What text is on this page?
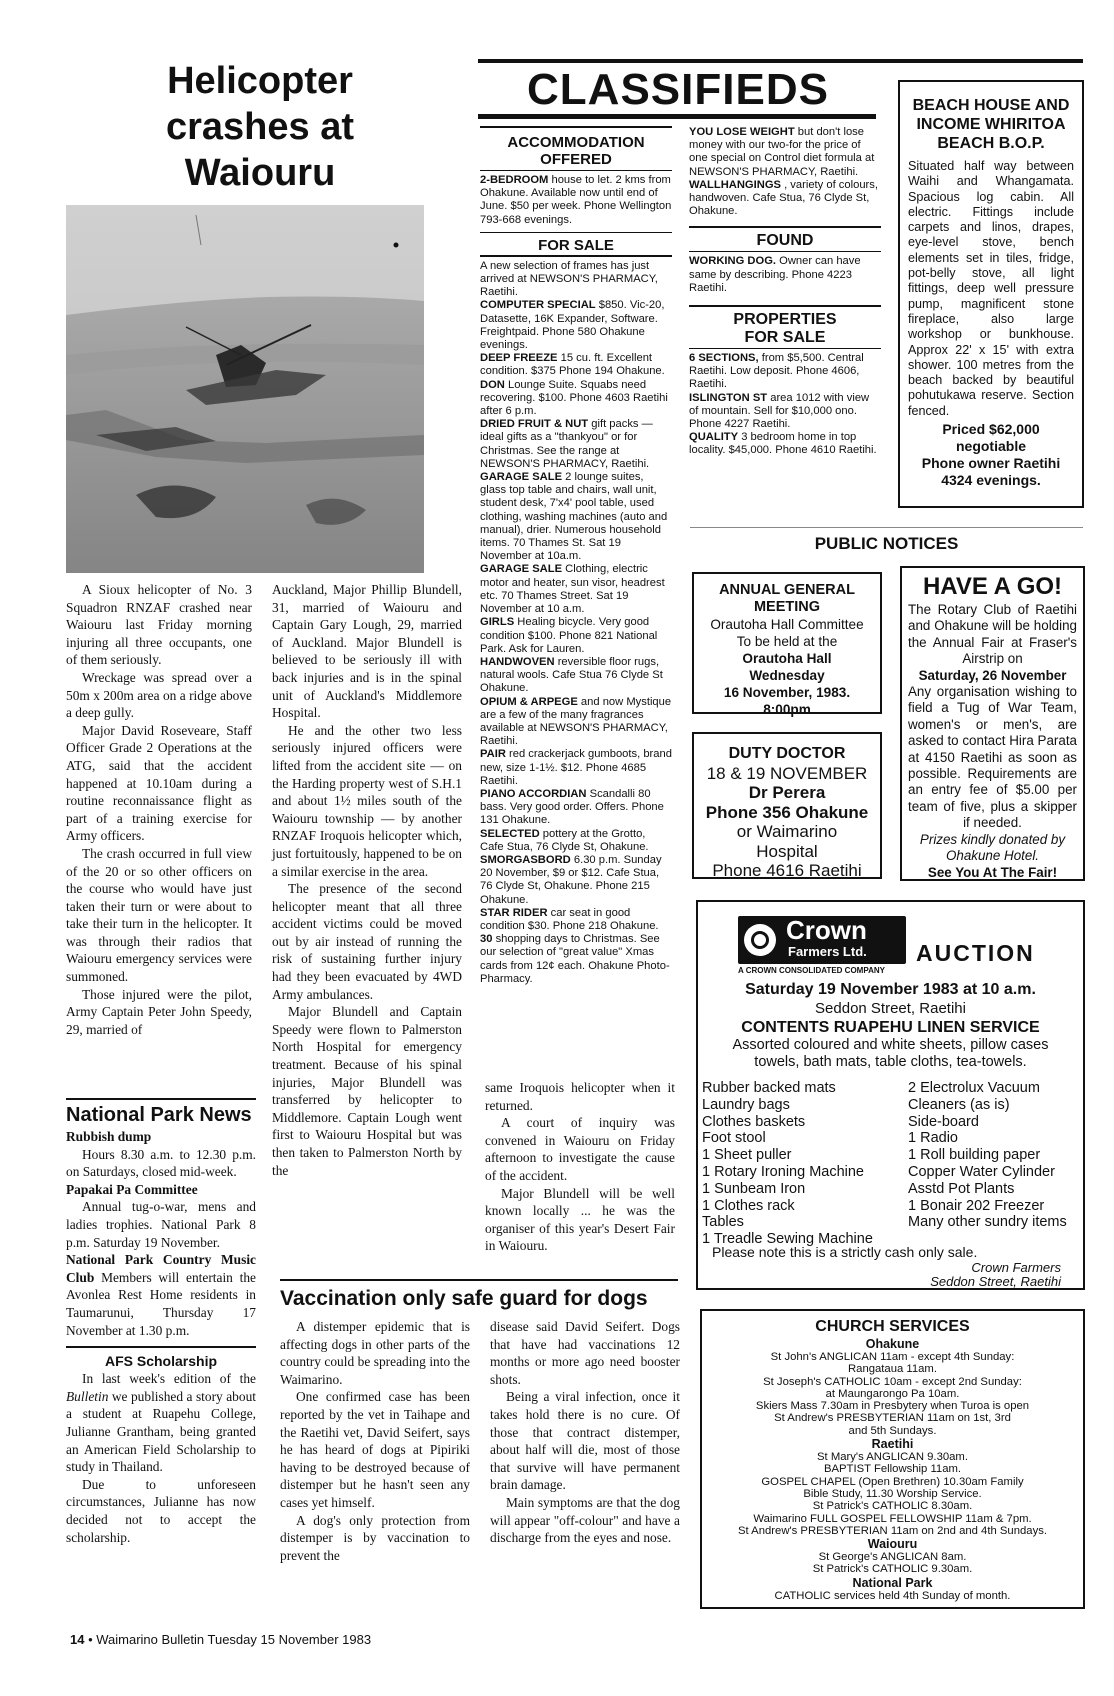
Helicopter crashes at Waiouru

A Sioux helicopter of No. 3 Squadron RNZAF crashed near Waiouru last Friday morning injuring all three occupants, one of them seriously.

Wreckage was spread over a 50m x 200m area on a ridge above a deep gully.

Major David Roseveare, Staff Officer Grade 2 Operations at the ATG, said that the accident happened at 10.10am during a routine reconnaissance flight as part of a training exercise for Army officers.

The crash occurred in full view of the 20 or so other officers on the course who would have just taken their turn or were about to take their turn in the helicopter. It was through their radios that Waiouru emergency services were summoned.

Those injured were the pilot, Army Captain Peter John Speedy, 29, married of

Auckland, Major Phillip Blundell, 31, married of Waiouru and Captain Gary Lough, 29, married of Auckland. Major Blundell is believed to be seriously ill with back injuries and is in the spinal unit of Auckland's Middlemore Hospital.

He and the other two less seriously injured officers were lifted from the accident site — on the Harding property west of S.H.1 and about 1½ miles south of the Waiouru township — by another RNZAF Iroquois helicopter which, just fortuitously, happened to be on a similar exercise in the area.

The presence of the second helicopter meant that all three accident victims could be moved out by air instead of running the risk of sustaining further injury had they been evacuated by 4WD Army ambulances.

Major Blundell and Captain Speedy were flown to Palmerston North Hospital for emergency treatment. Because of his spinal injuries, Major Blundell was transferred by helicopter to Middlemore. Captain Lough went first to Waiouru Hospital but was then taken to Palmerston North by the

same Iroquois helicopter when it returned.

A court of inquiry was convened in Waiouru on Friday afternoon to investigate the cause of the accident.

Major Blundell will be well known locally ... he was the organiser of this year's Desert Fair in Waiouru.

National Park News
Rubbish dump

Hours 8.30 a.m. to 12.30 p.m. on Saturdays, closed mid-week.

Papakai Pa Committee

Annual tug-o-war, mens and ladies trophies. National Park 8 p.m. Saturday 19 November.

National Park Country Music Club Members will entertain the Avonlea Rest Home residents in Taumarunui, Thursday 17 November at 1.30 p.m.

AFS Scholarship

In last week's edition of the Bulletin we published a story about a student at Ruapehu College, Julianne Grantham, being granted an American Field Scholarship to study in Thailand.

Due to unforeseen circumstances, Julianne has now decided not to accept the scholarship.

Vaccination only safe guard for dogs

A distemper epidemic that is affecting dogs in other parts of the country could be spreading into the Waimarino.

One confirmed case has been reported by the vet in Taihape and the Raetihi vet, David Seifert, says he has heard of dogs at Pipiriki having to be destroyed because of distemper but he hasn't seen any cases yet himself.

A dog's only protection from distemper is by vaccination to prevent the

disease said David Seifert. Dogs that have had vaccinations 12 months or more ago need booster shots.

Being a viral infection, once it takes hold there is no cure. Of those that contract distemper, about half will die, most of those that survive will have permanent brain damage.

Main symptoms are that the dog will appear "off-colour" and have a discharge from the eyes and nose.

CLASSIFIEDS
ACCOMMODATION OFFERED

2-BEDROOM house to let. 2 kms from Ohakune. Available now until end of June. $50 per week. Phone Wellington 793-668 evenings.

FOR SALE

A new selection of frames has just arrived at NEWSON'S PHARMACY, Raetihi.

COMPUTER SPECIAL $850. Vic-20, Datasette, 16K Expander, Software. Freightpaid. Phone 580 Ohakune evenings.

DEEP FREEZE 15 cu. ft. Excellent condition. $375 Phone 194 Ohakune.

DON Lounge Suite. Squabs need recovering. $100. Phone 4603 Raetihi after 6 p.m.

DRIED FRUIT & NUT gift packs —ideal gifts as a "thankyou" or for Christmas. See the range at NEWSON'S PHARMACY, Raetihi.

GARAGE SALE 2 lounge suites, glass top table and chairs, wall unit, student desk, 7'x4' pool table, used clothing, washing machines (auto and manual), drier. Numerous household items. 70 Thames St. Sat 19 November at 10a.m.

GARAGE SALE Clothing, electric motor and heater, sun visor, headrest etc. 70 Thames Street. Sat 19 November at 10 a.m.

GIRLS Healing bicycle. Very good condition $100. Phone 821 National Park. Ask for Lauren.

HANDWOVEN reversible floor rugs, natural wools. Cafe Stua 76 Clyde St Ohakune.

OPIUM & ARPEGE and now Mystique are a few of the many fragrances available at NEWSON'S PHARMACY, Raetihi.

PAIR red crackerjack gumboots, brand new, size 1-1½. $12. Phone 4685 Raetihi.

PIANO ACCORDIAN Scandalli 80 bass. Very good order. Offers. Phone 131 Ohakune.

SELECTED pottery at the Grotto, Cafe Stua, 76 Clyde St, Ohakune.

SMORGASBORD 6.30 p.m. Sunday 20 November, $9 or $12. Cafe Stua, 76 Clyde St, Ohakune. Phone 215 Ohakune.

STAR RIDER car seat in good condition $30. Phone 218 Ohakune.

30 shopping days to Christmas. See our selection of "great value" Xmas cards from 12¢ each. Ohakune Photo-Pharmacy.

YOU LOSE WEIGHT but don't lose money with our two-for the price of one special on Control diet formula at NEWSON'S PHARMACY, Raetihi.

WALLHANGINGS , variety of colours, handwoven. Cafe Stua, 76 Clyde St, Ohakune.

FOUND

WORKING DOG. Owner can have same by describing. Phone 4223 Raetihi.

PROPERTIES FOR SALE

6 SECTIONS, from $5,500. Central Raetihi. Low deposit. Phone 4606, Raetihi.

ISLINGTON ST area 1012 with view of mountain. Sell for $10,000 ono. Phone 4227 Raetihi.

QUALITY 3 bedroom home in top locality. $45,000. Phone 4610 Raetihi.

BEACH HOUSE AND INCOME WHIRITOA BEACH B.O.P.
Situated half way between Waihi and Whangamata. Spacious log cabin. All electric. Fittings include carpets and linos, drapes, eye-level stove, bench elements set in tiles, fridge, pot-belly stove, all light fittings, deep well pressure pump, magnificent stone fireplace, also large workshop or bunkhouse. Approx 22' x 15' with extra shower. 100 metres from the beach backed by beautiful pohutukawa reserve. Section fenced.
Priced $62,000 negotiable
Phone owner Raetihi 4324 evenings.
PUBLIC NOTICES
ANNUAL GENERAL MEETING
Orautoha Hall Committee
To be held at the
Orautoha Hall
Wednesday
16 November, 1983.
8:00pm
DUTY DOCTOR
18 & 19 NOVEMBER
Dr Perera
Phone 356 Ohakune
or Waimarino
Hospital
Phone 4616 Raetihi
HAVE A GO!
The Rotary Club of Raetihi and Ohakune will be holding the Annual Fair at Fraser's Airstrip on
Saturday, 26 November
Any organisation wishing to field a Tug of War Team, women's or men's, are asked to contact Hira Parata at 4150 Raetihi as soon as possible. Requirements are an entry fee of $5.00 per team of five, plus a skipper if needed.
Prizes kindly donated by Ohakune Hotel.
See You At The Fair!
Crown
Farmers Ltd. AUCTION
A CROWN CONSOLIDATED COMPANY
Saturday 19 November 1983 at 10 a.m.
Seddon Street, Raetihi
CONTENTS RUAPEHU LINEN SERVICE
Assorted coloured and white sheets, pillow cases towels, bath mats, table cloths, tea-towels.
Rubber backed mats
Laundry bags
Clothes baskets
Foot stool
1 Sheet puller
1 Rotary Ironing Machine
1 Sunbeam Iron
1 Clothes rack
Tables
1 Treadle Sewing Machine
2 Electrolux Vacuum
Cleaners (as is)
Side-board
1 Radio
1 Roll building paper
Copper Water Cylinder
Asstd Pot Plants
1 Bonair 202 Freezer
Many other sundry items
Please note this is a strictly cash only sale.
Crown Farmers
Seddon Street, Raetihi
CHURCH SERVICES
Ohakune
St John's ANGLICAN 11am - except 4th Sunday:
Rangataua 11am.
St Joseph's CATHOLIC 10am - except 2nd Sunday:
at Maungarongo Pa 10am.
Skiers Mass 7.30am in Presbytery when Turoa is open
St Andrew's PRESBYTERIAN 11am on 1st, 3rd
and 5th Sundays.
Raetihi
St Mary's ANGLICAN 9.30am.
BAPTIST Fellowship 11am.
GOSPEL CHAPEL (Open Brethren) 10.30am Family
Bible Study, 11.30 Worship Service.
St Patrick's CATHOLIC 8.30am.
Waimarino FULL GOSPEL FELLOWSHIP 11am & 7pm.
St Andrew's PRESBYTERIAN 11am on 2nd and 4th Sundays.
Waiouru
St George's ANGLICAN 8am.
St Patrick's CATHOLIC 9.30am.
National Park
CATHOLIC services held 4th Sunday of month.
14 • Waimarino Bulletin Tuesday 15 November 1983
